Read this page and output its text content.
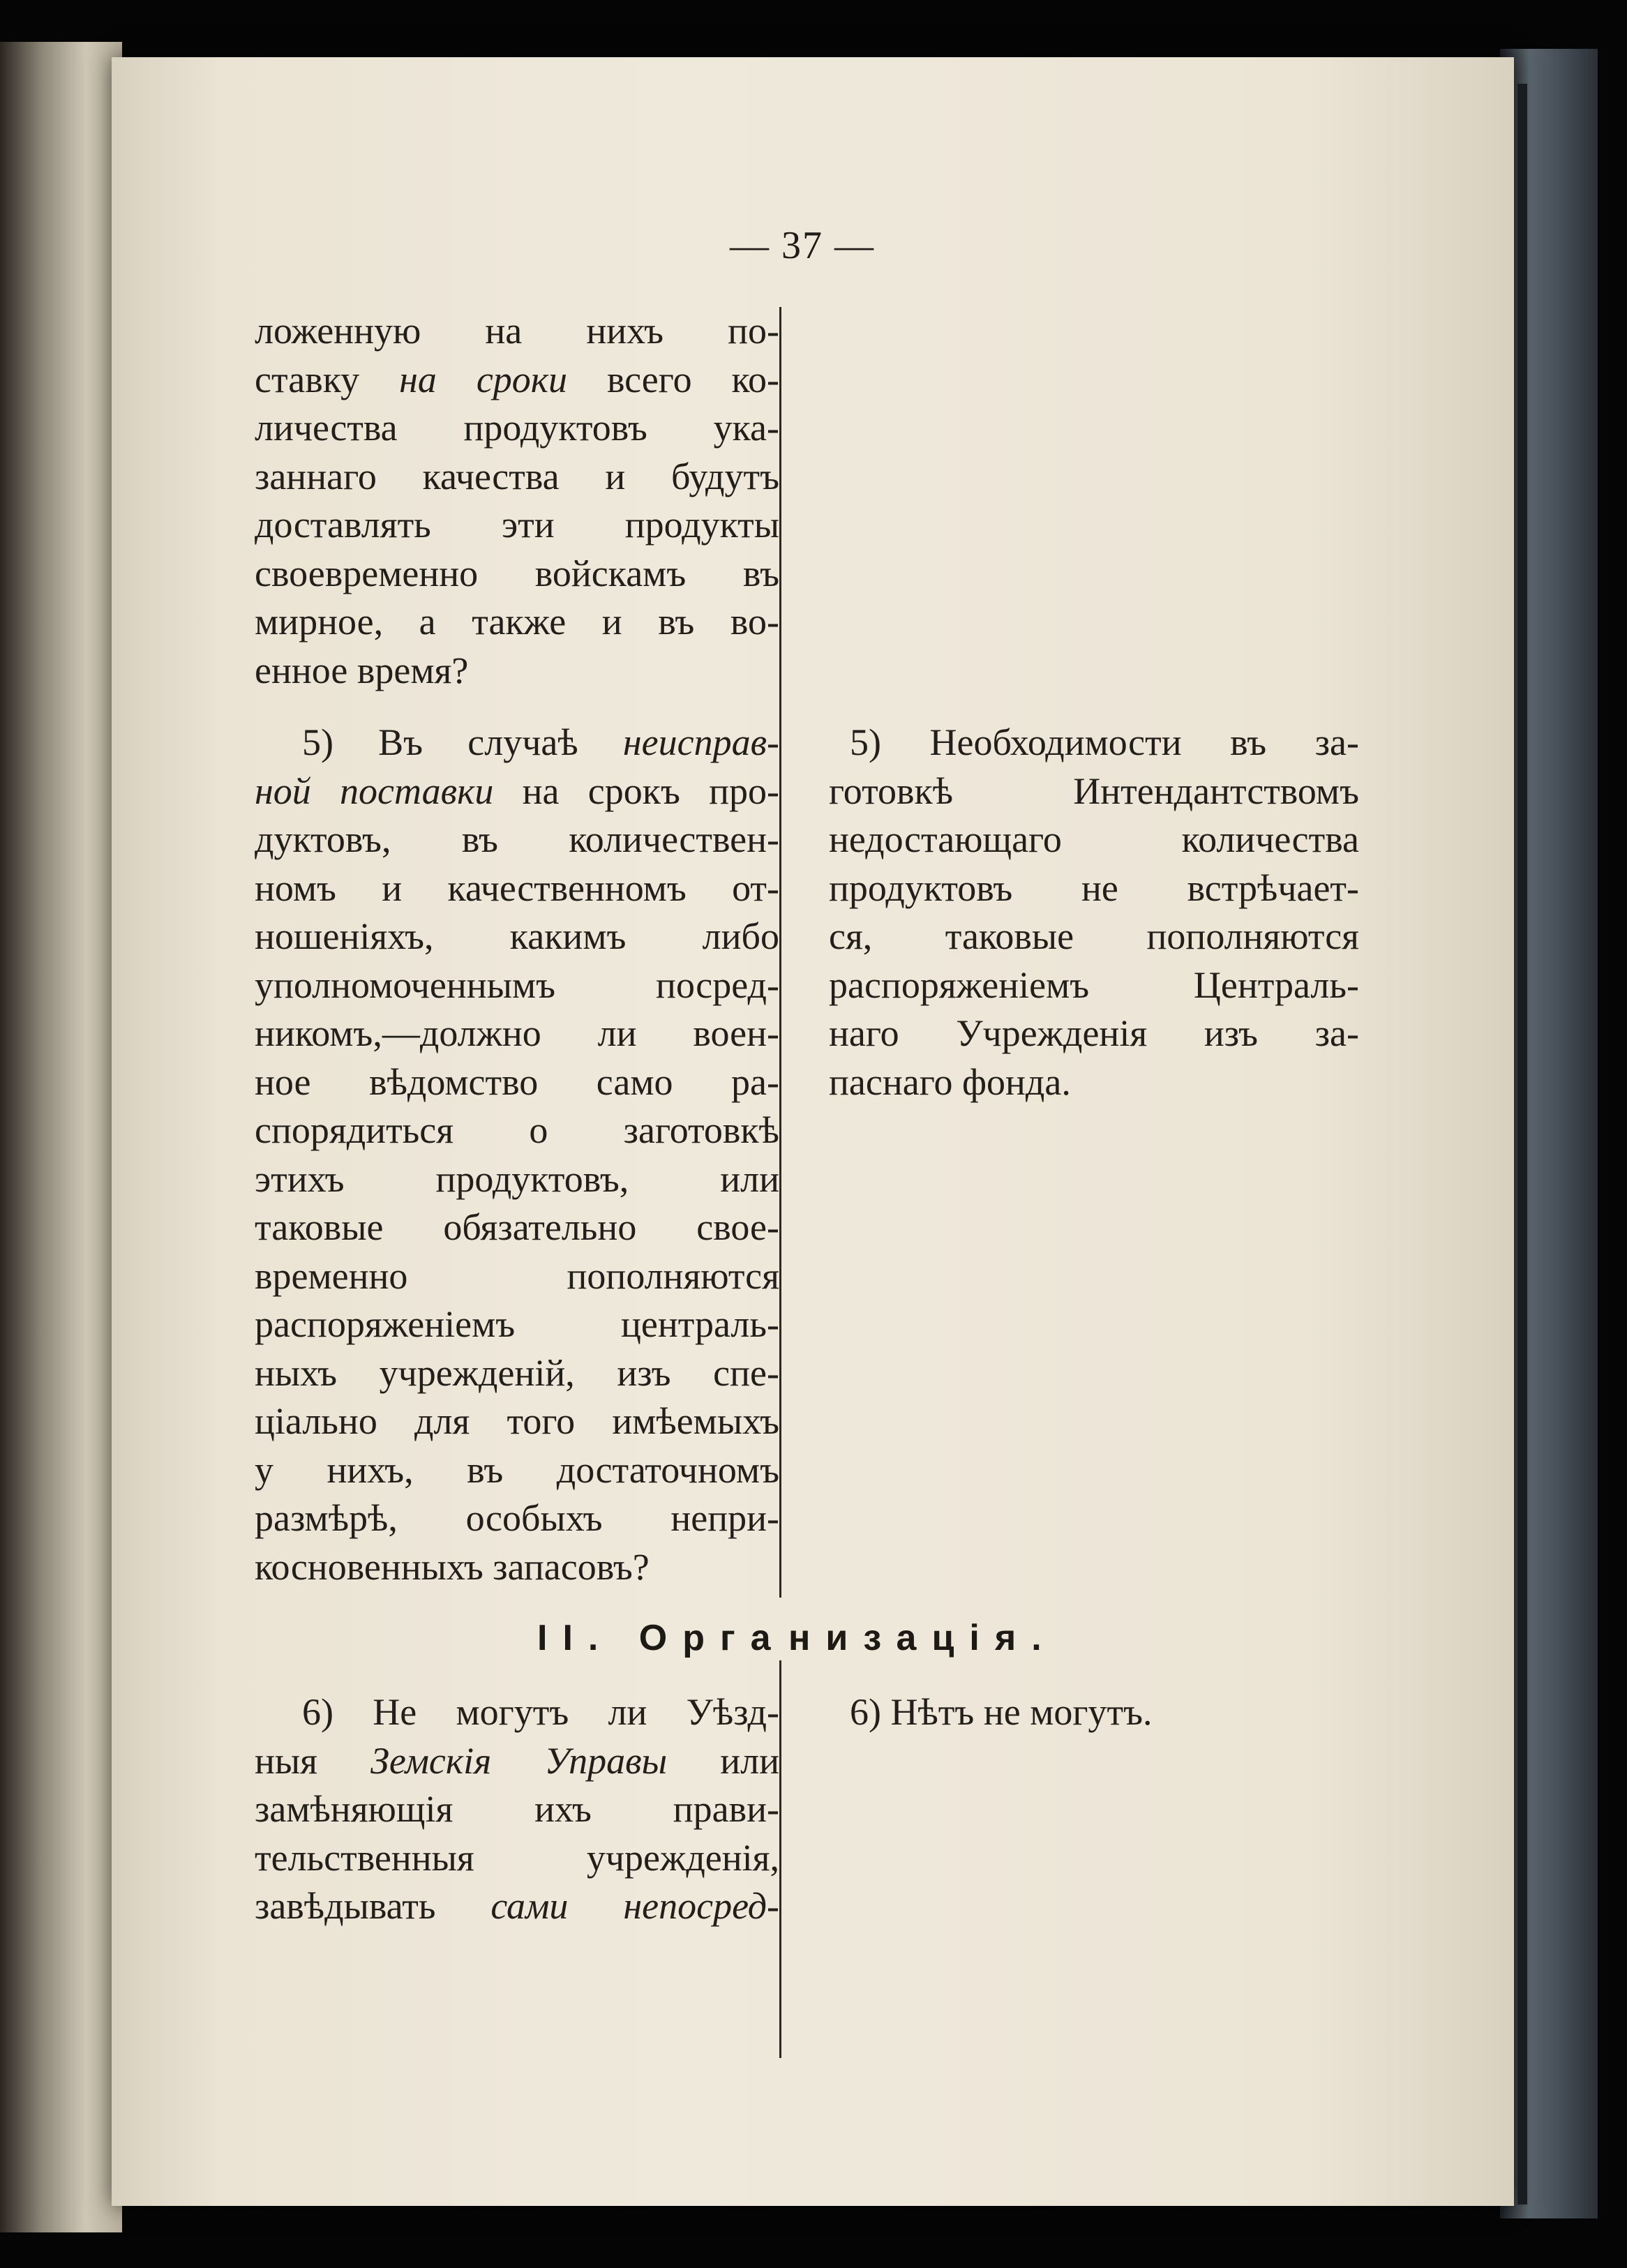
— 37 —
ложенную на нихъ по-
ставку на сроки всего ко-
личества продуктовъ ука-
заннаго качества и будутъ
доставлять эти продукты
своевременно войскамъ въ
мирное, а также и въ во-
енное время?
5) Въ случаѣ неисправ-
ной поставки на срокъ про-
дуктовъ, въ количествен-
номъ и качественномъ от-
ношеніяхъ, какимъ либо
уполномоченнымъ посред-
никомъ,—должно ли воен-
ное вѣдомство само ра-
спорядиться о заготовкѣ
этихъ продуктовъ, или
таковые обязательно свое-
временно пополняются
распоряженіемъ централь-
ныхъ учрежденій, изъ спе-
ціально для того имѣемыхъ
у нихъ, въ достаточномъ
размѣрѣ, особыхъ непри-
косновенныхъ запасовъ?
II. Орга низація.
6) Не могутъ ли Уѣзд-
ныя Земскія Управы или
замѣняющія ихъ прави-
тельственныя учрежденія,
завѣдывать сами непосред-
5) Необходимости въ за-
готовкѣ Интендантствомъ
недостающаго количества
продуктовъ не встрѣчает-
ся, таковые пополняются
распоряженіемъ Централь-
наго Учрежденія изъ за-
паснаго фонда.
6) Нѣтъ не могутъ.
